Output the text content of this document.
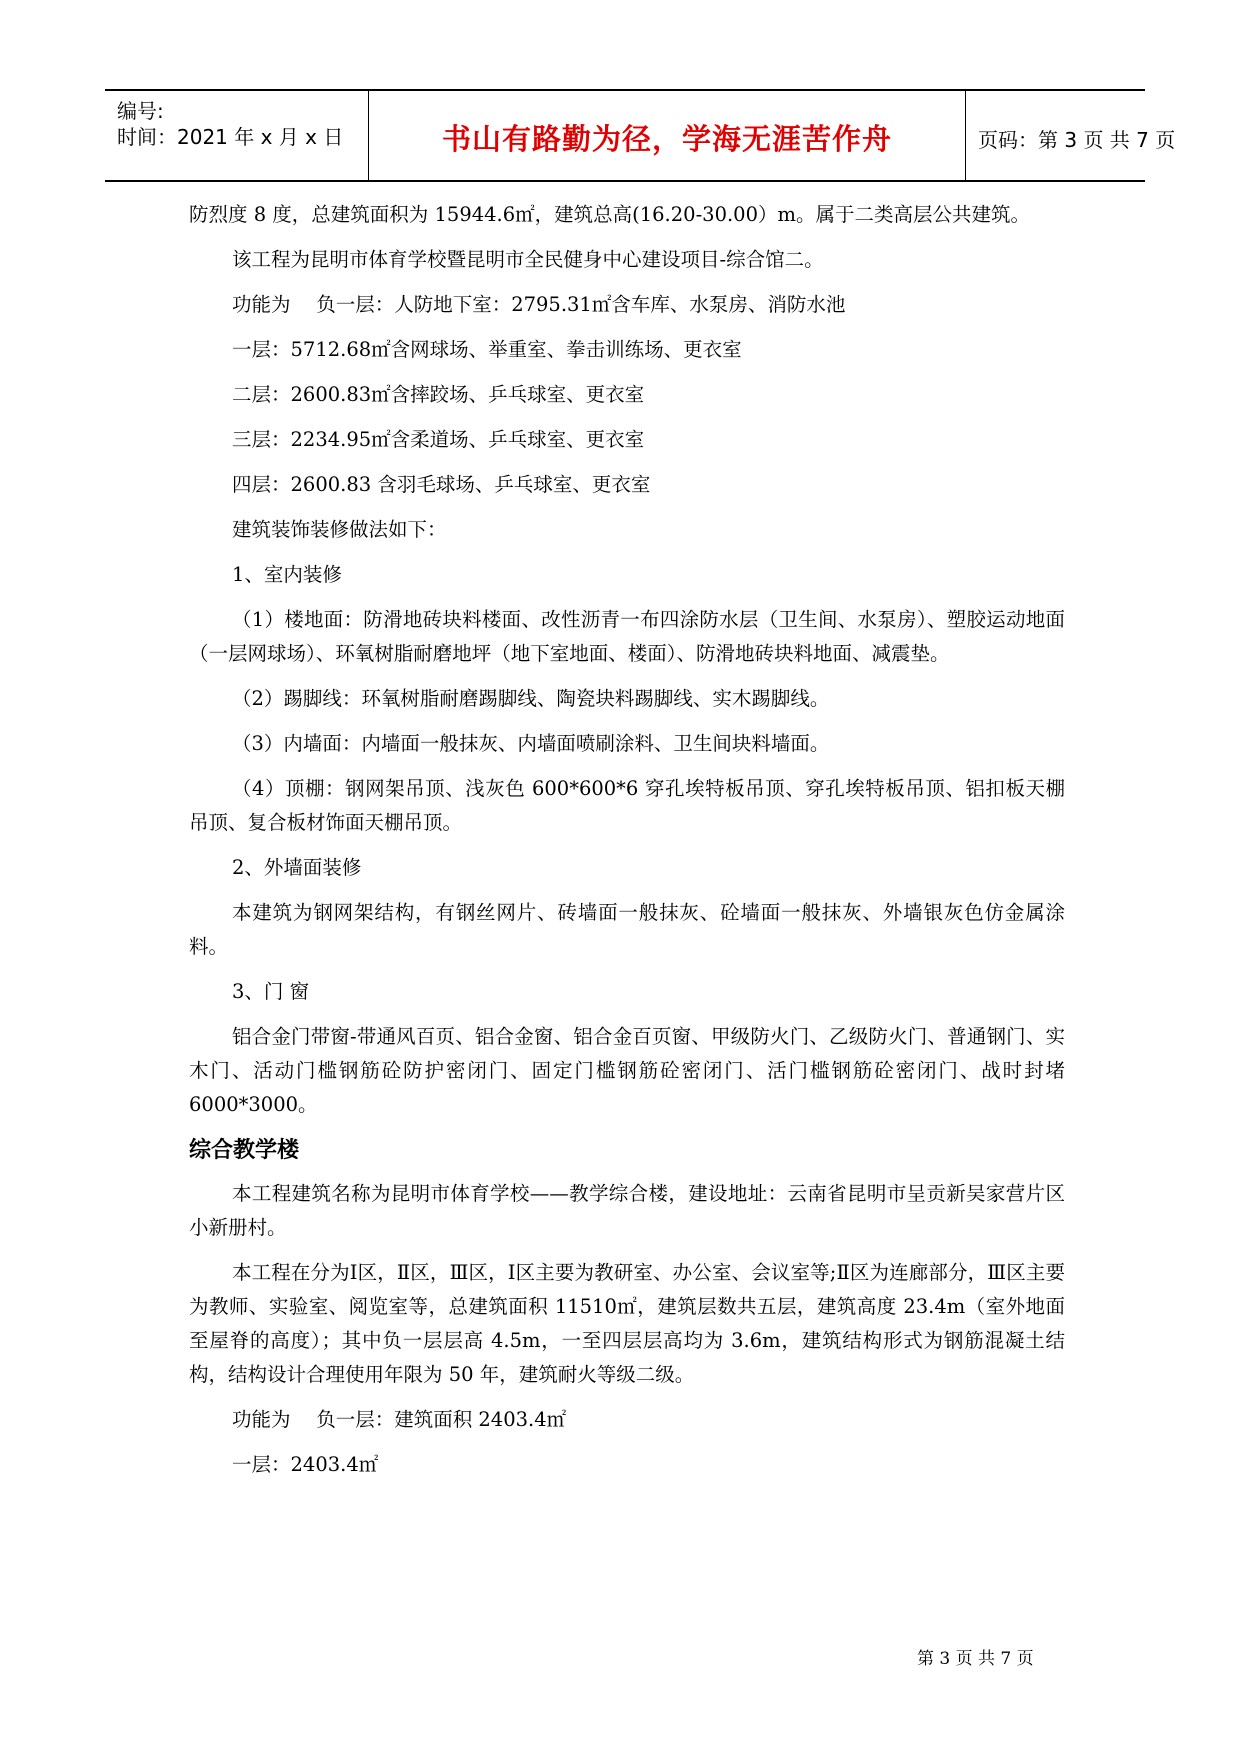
编号:
时间：2021 年 x 月 x 日	书山有路勤为径，学海无涯苦作舟	页码：第 3 页 共 7 页

防烈度 8 度，总建筑面积为 15944.6㎡，建筑总高(16.20-30.00）m。属于二类高层公共建筑。

该工程为昆明市体育学校暨昆明市全民健身中心建设项目-综合馆二。

功能为　 负一层：人防地下室：2795.31㎡含车库、水泵房、消防水池

一层：5712.68㎡含网球场、举重室、拳击训练场、更衣室

二层：2600.83㎡含摔跤场、乒乓球室、更衣室

三层：2234.95㎡含柔道场、乒乓球室、更衣室

四层：2600.83 含羽毛球场、乒乓球室、更衣室

建筑装饰装修做法如下：

1、室内装修

（1）楼地面：防滑地砖块料楼面、改性沥青一布四涂防水层（卫生间、水泵房）、塑胶运动地面（一层网球场）、环氧树脂耐磨地坪（地下室地面、楼面）、防滑地砖块料地面、减震垫。

（2）踢脚线：环氧树脂耐磨踢脚线、陶瓷块料踢脚线、实木踢脚线。

（3）内墙面：内墙面一般抹灰、内墙面喷刷涂料、卫生间块料墙面。

（4）顶棚：钢网架吊顶、浅灰色 600*600*6 穿孔埃特板吊顶、穿孔埃特板吊顶、铝扣板天棚吊顶、复合板材饰面天棚吊顶。

2、外墙面装修

本建筑为钢网架结构，有钢丝网片、砖墙面一般抹灰、砼墙面一般抹灰、外墙银灰色仿金属涂料。

3、门 窗

铝合金门带窗-带通风百页、铝合金窗、铝合金百页窗、甲级防火门、乙级防火门、普通钢门、实木门、活动门槛钢筋砼防护密闭门、固定门槛钢筋砼密闭门、活门槛钢筋砼密闭门、战时封堵 6000*3000。

综合教学楼

本工程建筑名称为昆明市体育学校——教学综合楼，建设地址：云南省昆明市呈贡新吴家营片区小新册村。

本工程在分为Ⅰ区，Ⅱ区，Ⅲ区，Ⅰ区主要为教研室、办公室、会议室等;Ⅱ区为连廊部分，Ⅲ区主要为教师、实验室、阅览室等，总建筑面积 11510㎡，建筑层数共五层，建筑高度 23.4m（室外地面至屋脊的高度）；其中负一层层高 4.5m，一至四层层高均为 3.6m，建筑结构形式为钢筋混凝土结构，结构设计合理使用年限为 50 年，建筑耐火等级二级。

功能为　 负一层：建筑面积 2403.4㎡

一层：2403.4㎡

第 3 页 共 7 页
